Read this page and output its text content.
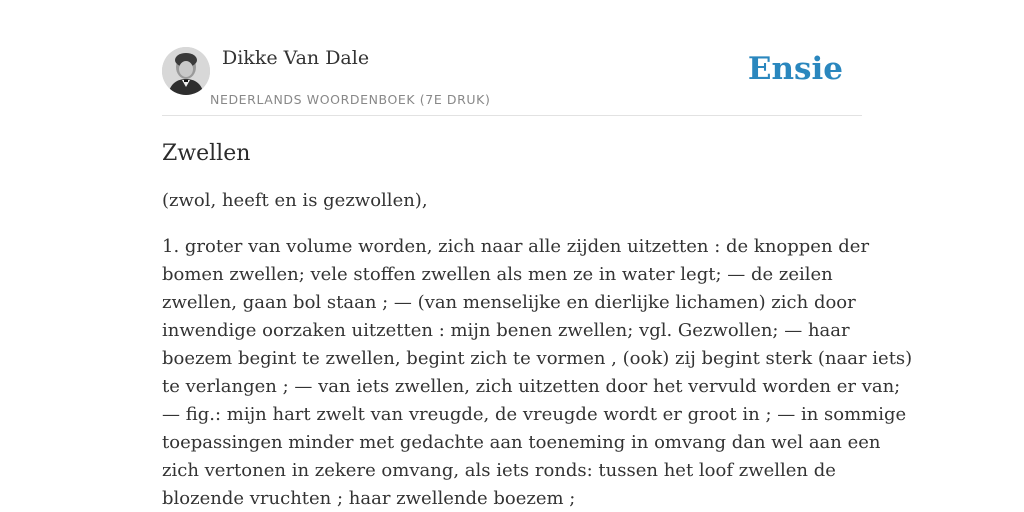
Dikke Van Dale
NEDERLANDS WOORDENBOEK (7E DRUK)
Ensie
Zwellen

(zwol, heeft en is gezwollen),

1. groter van volume worden, zich naar alle zijden uitzetten : de knoppen der
bomen zwellen; vele stoffen zwellen als men ze in water legt; — de zeilen
zwellen, gaan bol staan ; — (van menselijke en dierlijke lichamen) zich door
inwendige oorzaken uitzetten : mijn benen zwellen; vgl. Gezwollen; — haar
boezem begint te zwellen, begint zich te vormen , (ook) zij begint sterk (naar iets)
te verlangen ; — van iets zwellen, zich uitzetten door het vervuld worden er van;
— fig.: mijn hart zwelt van vreugde, de vreugde wordt er groot in ; — in sommige
toepassingen minder met gedachte aan toeneming in omvang dan wel aan een
zich vertonen in zekere omvang, als iets ronds: tussen het loof zwellen de
blozende vruchten ; haar zwellende boezem ;
